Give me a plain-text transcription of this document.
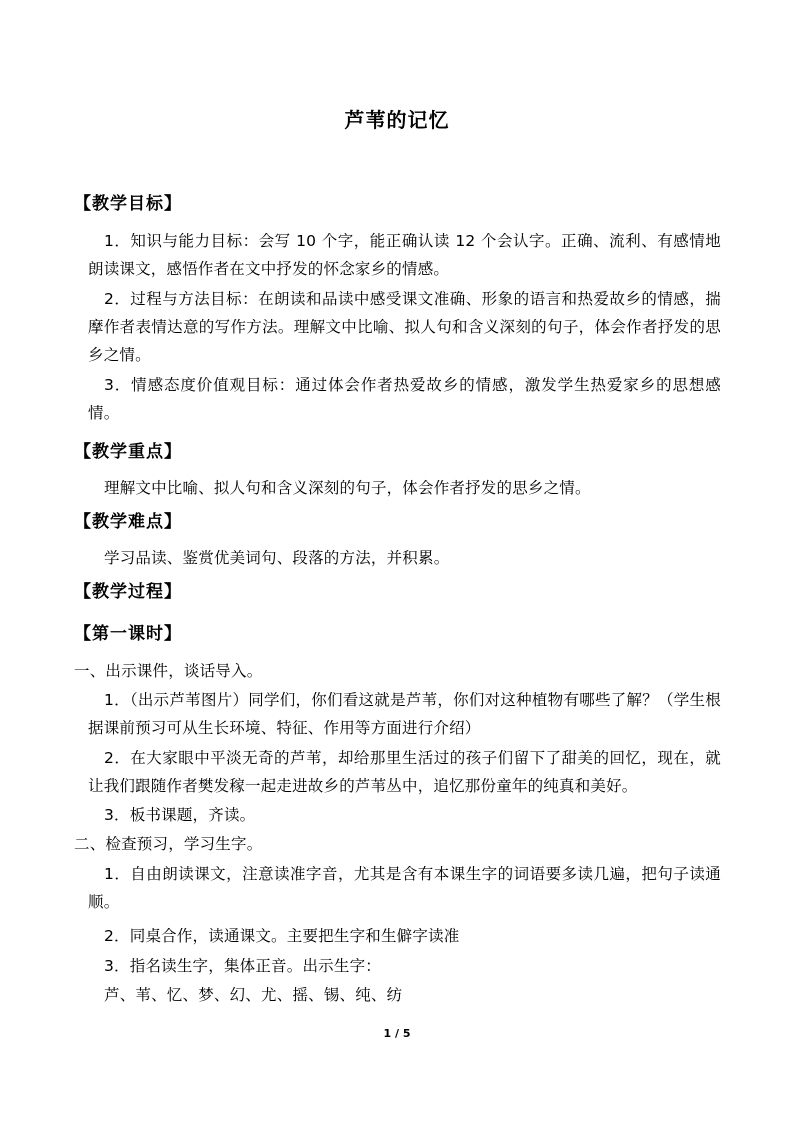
芦苇的记忆
【教学目标】
1．知识与能力目标：会写 10 个字，能正确认读 12 个会认字。正确、流利、有感情地朗读课文，感悟作者在文中抒发的怀念家乡的情感。
2．过程与方法目标：在朗读和品读中感受课文准确、形象的语言和热爱故乡的情感，揣摩作者表情达意的写作方法。理解文中比喻、拟人句和含义深刻的句子，体会作者抒发的思乡之情。
3．情感态度价值观目标：通过体会作者热爱故乡的情感，激发学生热爱家乡的思想感情。
【教学重点】
理解文中比喻、拟人句和含义深刻的句子，体会作者抒发的思乡之情。
【教学难点】
学习品读、鉴赏优美词句、段落的方法，并积累。
【教学过程】
【第一课时】
一、出示课件，谈话导入。
1．（出示芦苇图片）同学们，你们看这就是芦苇，你们对这种植物有哪些了解？（学生根据课前预习可从生长环境、特征、作用等方面进行介绍）
2．在大家眼中平淡无奇的芦苇，却给那里生活过的孩子们留下了甜美的回忆，现在，就让我们跟随作者樊发稼一起走进故乡的芦苇丛中，追忆那份童年的纯真和美好。
3．板书课题，齐读。
二、检查预习，学习生字。
1．自由朗读课文，注意读准字音，尤其是含有本课生字的词语要多读几遍，把句子读通顺。
2．同桌合作，读通课文。主要把生字和生僻字读准
3．指名读生字，集体正音。出示生字：
芦、苇、忆、梦、幻、尤、摇、锡、纯、纺
1 / 5
